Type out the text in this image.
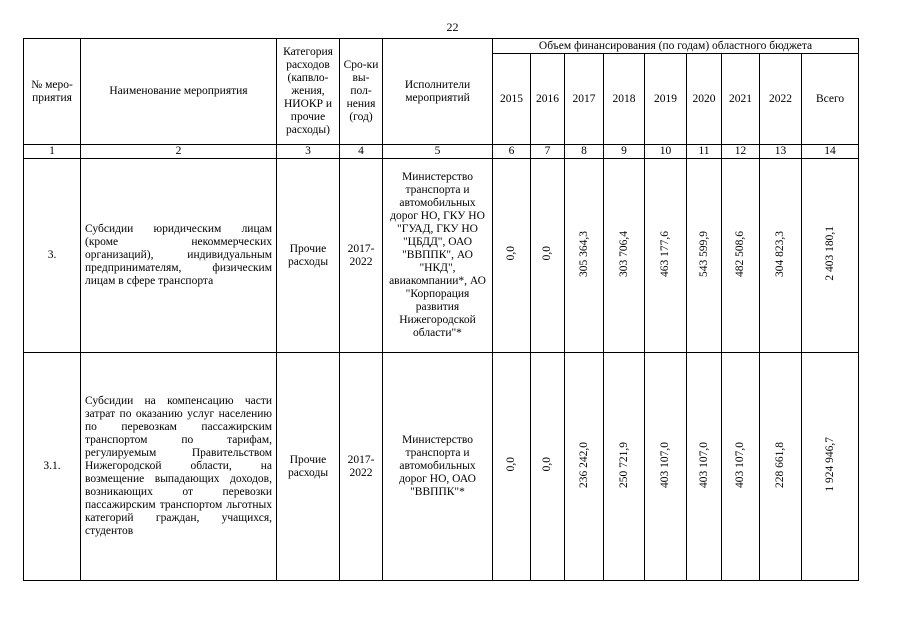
22
№ меро-
приятия	Наименование мероприятия	Категория расходов (капвло-жения, НИОКР и прочие расходы)	Сро-ки вы-пол-нения (год)	Исполнители мероприятий	Объем финансирования (по годам) областного бюджета								
					2015	2016	2017	2018	2019	2020	2021	2022	Всего
1	2	3	4	5	6	7	8	9	10	11	12	13	14
3.	Субсидии юридическим лицам (кроме некоммерческих организаций), индивидуальным предпринимателям, физическим лицам в сфере транспорта	Прочие расходы	2017-2022	Министерство транспорта и автомобильных дорог НО, ГКУ НО "ГУАД, ГКУ НО "ЦБДД", ОАО "ВВППК", АО "НКД", авиакомпании*, АО "Корпорация развития Нижегородской области"*	0,0	0,0	305 364,3	303 706,4	463 177,6	543 599,9	482 508,6	304 823,3	2 403 180,1
3.1.	Субсидии на компенсацию части затрат по оказанию услуг населению по перевозкам пассажирским транспортом по тарифам, регулируемым Правительством Нижегородской области, на возмещение выпадающих доходов, возникающих от перевозки пассажирским транспортом льготных категорий граждан, учащихся, студентов	Прочие расходы	2017-2022	Министерство транспорта и автомобильных дорог НО, ОАО "ВВППК"*	0,0	0,0	236 242,0	250 721,9	403 107,0	403 107,0	403 107,0	228 661,8	1 924 946,7
